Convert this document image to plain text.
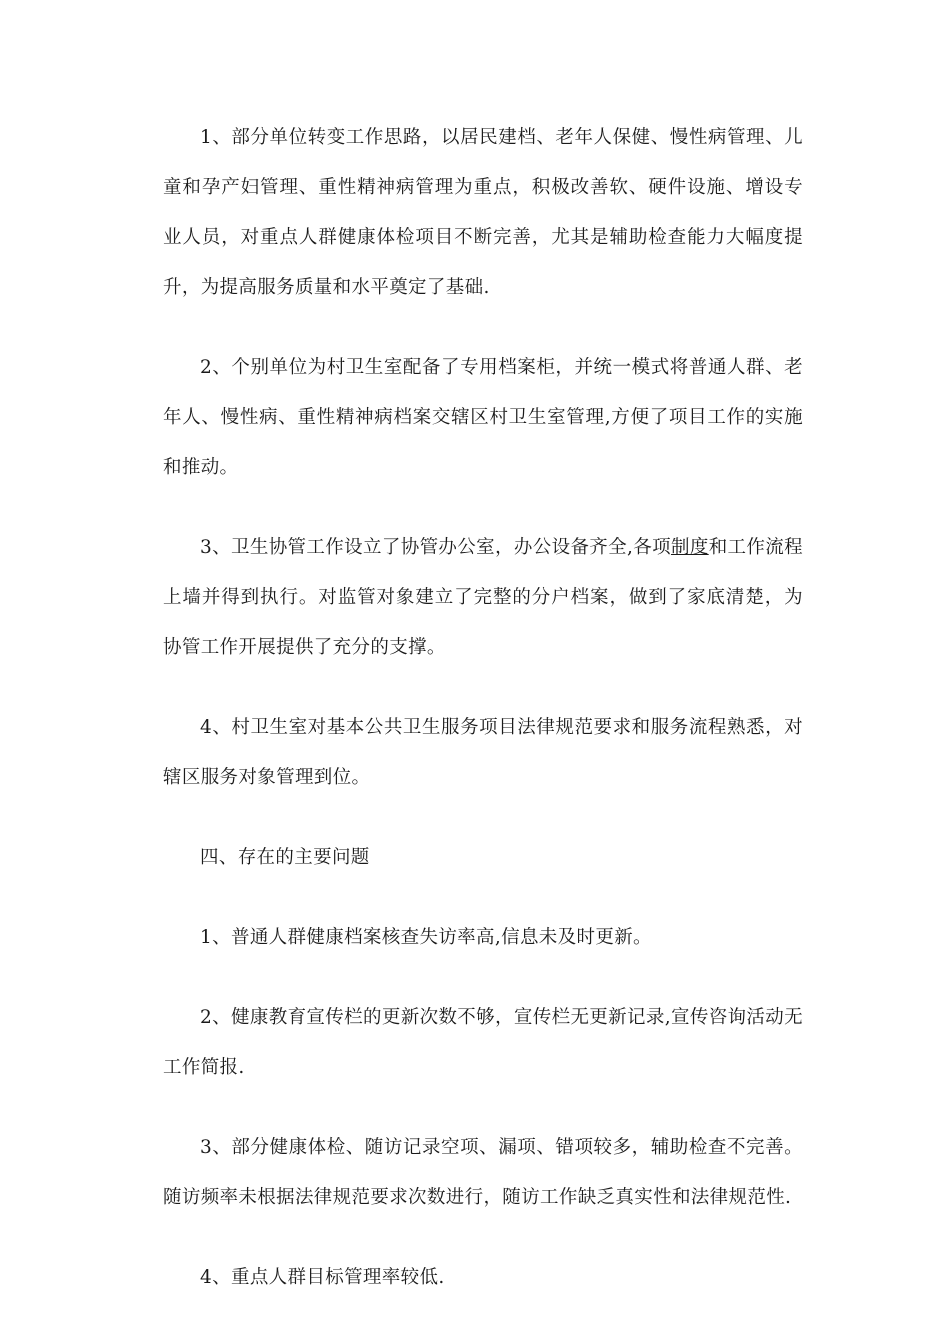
1、部分单位转变工作思路，以居民建档、老年人保健、慢性病管理、儿童和孕产妇管理、重性精神病管理为重点，积极改善软、硬件设施、增设专业人员，对重点人群健康体检项目不断完善，尤其是辅助检查能力大幅度提升，为提高服务质量和水平奠定了基础.

2、个别单位为村卫生室配备了专用档案柜，并统一模式将普通人群、老年人、慢性病、重性精神病档案交辖区村卫生室管理,方便了项目工作的实施和推动。

3、卫生协管工作设立了协管办公室，办公设备齐全,各项制度和工作流程上墙并得到执行。对监管对象建立了完整的分户档案，做到了家底清楚，为协管工作开展提供了充分的支撑。

4、村卫生室对基本公共卫生服务项目法律规范要求和服务流程熟悉，对辖区服务对象管理到位。

四、存在的主要问题

1、普通人群健康档案核查失访率高,信息未及时更新。

2、健康教育宣传栏的更新次数不够，宣传栏无更新记录,宣传咨询活动无工作简报.

3、部分健康体检、随访记录空项、漏项、错项较多，辅助检查不完善。随访频率未根据法律规范要求次数进行，随访工作缺乏真实性和法律规范性.

4、重点人群目标管理率较低.
